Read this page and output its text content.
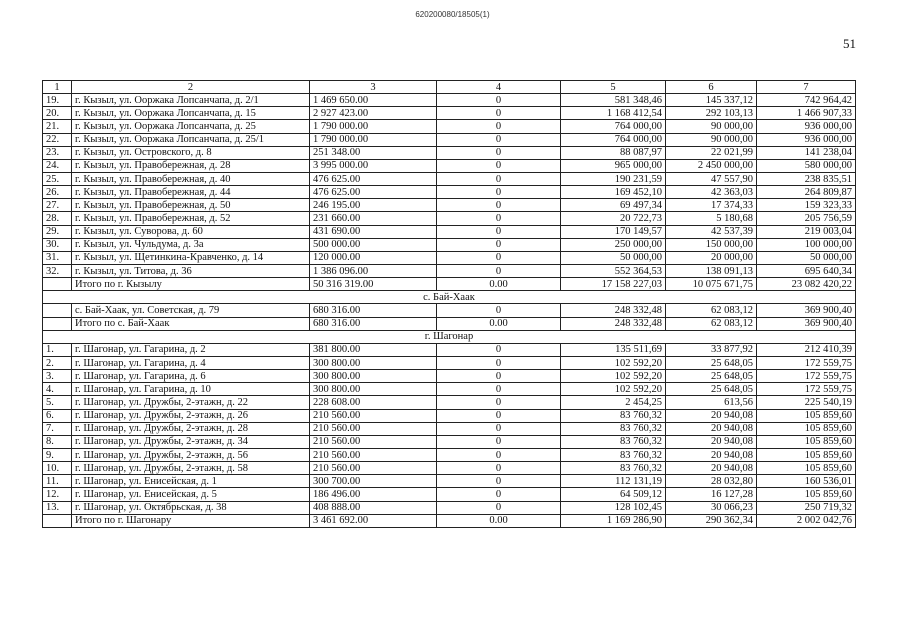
620200080/18505(1)
51
1	2	3	4	5	6	7
19.	г. Кызыл, ул. Ооржака Лопсанчапа, д. 2/1	1 469 650.00	0	581 348,46	145 337,12	742 964,42
20.	г. Кызыл, ул. Ооржака Лопсанчапа, д. 15	2 927 423.00	0	1 168 412,54	292 103,13	1 466 907,33
21.	г. Кызыл, ул. Ооржака Лопсанчапа, д. 25	1 790 000.00	0	764 000,00	90 000,00	936 000,00
22.	г. Кызыл, ул. Ооржака Лопсанчапа, д. 25/1	1 790 000.00	0	764 000,00	90 000,00	936 000,00
23.	г. Кызыл, ул. Островского, д. 8	251 348.00	0	88 087,97	22 021,99	141 238,04
24.	г. Кызыл, ул. Правобережная, д. 28	3 995 000.00	0	965 000,00	2 450 000,00	580 000,00
25.	г. Кызыл, ул. Правобережная, д. 40	476 625.00	0	190 231,59	47 557,90	238 835,51
26.	г. Кызыл, ул. Правобережная, д. 44	476 625.00	0	169 452,10	42 363,03	264 809,87
27.	г. Кызыл, ул. Правобережная, д. 50	246 195.00	0	69 497,34	17 374,33	159 323,33
28.	г. Кызыл, ул. Правобережная, д. 52	231 660.00	0	20 722,73	5 180,68	205 756,59
29.	г. Кызыл, ул. Суворова, д. 60	431 690.00	0	170 149,57	42 537,39	219 003,04
30.	г. Кызыл, ул. Чульдума, д. 3а	500 000.00	0	250 000,00	150 000,00	100 000,00
31.	г. Кызыл, ул. Щетинкина-Кравченко, д. 14	120 000.00	0	50 000,00	20 000,00	50 000,00
32.	г. Кызыл, ул. Титова, д. 36	1 386 096.00	0	552 364,53	138 091,13	695 640,34
	Итого по г. Кызылу	50 316 319.00	0.00	17 158 227,03	10 075 671,75	23 082 420,22
с. Бай-Хаак						
	с. Бай-Хаак, ул. Советская, д. 79	680 316.00	0	248 332,48	62 083,12	369 900,40
	Итого по с. Бай-Хаак	680 316.00	0.00	248 332,48	62 083,12	369 900,40
г. Шагонар						
1.	г. Шагонар, ул. Гагарина, д. 2	381 800.00	0	135 511,69	33 877,92	212 410,39
2.	г. Шагонар, ул. Гагарина, д. 4	300 800.00	0	102 592,20	25 648,05	172 559,75
3.	г. Шагонар, ул. Гагарина, д. 6	300 800.00	0	102 592,20	25 648,05	172 559,75
4.	г. Шагонар, ул. Гагарина, д. 10	300 800.00	0	102 592,20	25 648,05	172 559,75
5.	г. Шагонар, ул. Дружбы, 2-этажн, д. 22	228 608.00	0	2 454,25	613,56	225 540,19
6.	г. Шагонар, ул. Дружбы, 2-этажн, д. 26	210 560.00	0	83 760,32	20 940,08	105 859,60
7.	г. Шагонар, ул. Дружбы, 2-этажн, д. 28	210 560.00	0	83 760,32	20 940,08	105 859,60
8.	г. Шагонар, ул. Дружбы, 2-этажн, д. 34	210 560.00	0	83 760,32	20 940,08	105 859,60
9.	г. Шагонар, ул. Дружбы, 2-этажн, д. 56	210 560.00	0	83 760,32	20 940,08	105 859,60
10.	г. Шагонар, ул. Дружбы, 2-этажн, д. 58	210 560.00	0	83 760,32	20 940,08	105 859,60
11.	г. Шагонар, ул. Енисейская, д. 1	300 700.00	0	112 131,19	28 032,80	160 536,01
12.	г. Шагонар, ул. Енисейская, д. 5	186 496.00	0	64 509,12	16 127,28	105 859,60
13.	г. Шагонар, ул. Октябрьская, д. 38	408 888.00	0	128 102,45	30 066,23	250 719,32
	Итого по г. Шагонару	3 461 692.00	0.00	1 169 286,90	290 362,34	2 002 042,76
